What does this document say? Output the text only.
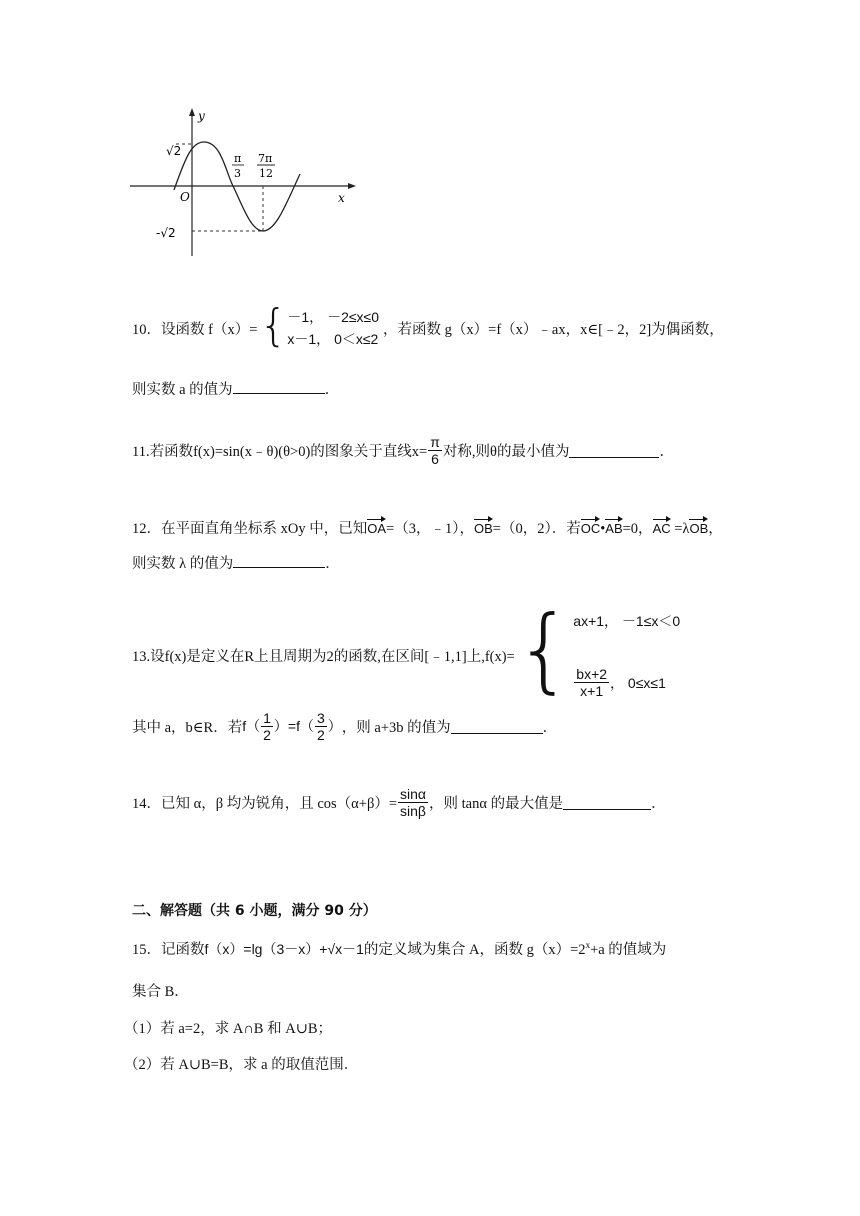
y
x
O
√2
-√2
π
3
7π
12
10．设函数 f（x）= { －1， －2≤x≤0
x－1， 0＜x≤2
，若函数 g（x）=f（x）﹣ax，x∈[﹣2，2]为偶函数，
则实数 a 的值为	．
11.若函数f(x)=sin(x﹣θ)(θ>0)的图象关于直线$x= \frac{\pi}{6}$ 对称,则θ的最小值为	．
12．在平面直角坐标系 xOy 中，已知OA=（3，﹣1），OB=（0，2）．若OC•AB=0，AC =λOB，
则实数 λ 的值为	．
13.设f(x)是定义在R上且周期为2的函数,在区间[﹣1,1]上,f(x)= { ax+1， －1≤x＜0
$\frac{bx+2}{x+1}$ ， 0≤x≤1
其中 a，b∈R．若 $f( \frac{1}{2} )=f( \frac{3}{2}$ ） ，则 a+3b 的值为	．
14．已知 α，β 均为锐角，且 $\cos(\alpha+\beta)= \frac{\sin\alpha}{\sin\beta}$ ，则 tanα 的最大值是	．
二、解答题（共 6 小题，满分 90 分）
15．记函数f（x）=lg（3－x）+√x－1的定义域为集合 A，函数 $g(x)=2^x+a$ 的值域为
集合 B．
（1）若 a=2，求 A∩B 和 A∪B；
（2）若 A∪B=B，求 a 的取值范围．
